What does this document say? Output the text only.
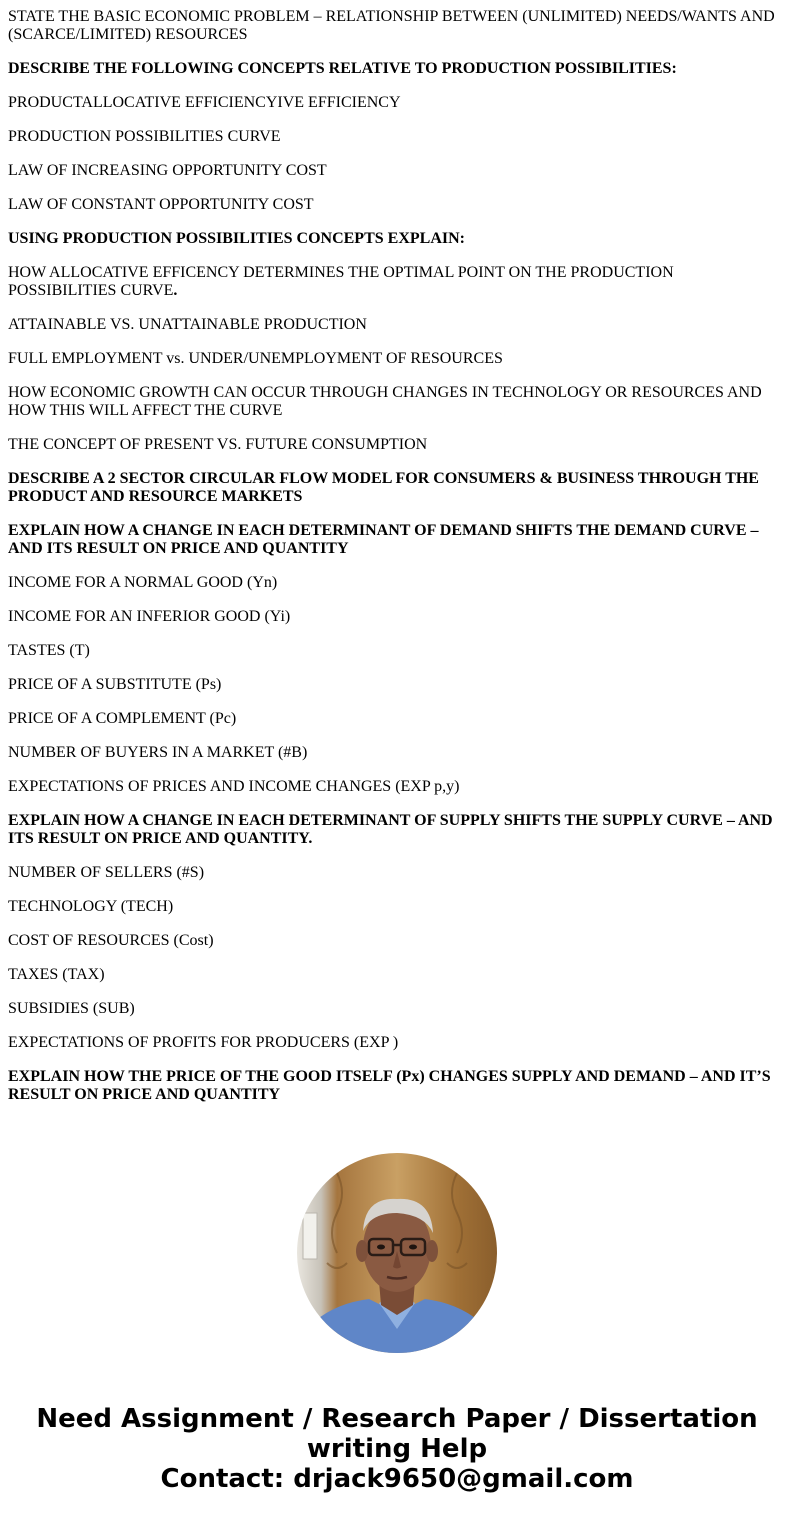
STATE THE BASIC ECONOMIC PROBLEM – RELATIONSHIP BETWEEN (UNLIMITED) NEEDS/WANTS AND (SCARCE/LIMITED) RESOURCES

DESCRIBE THE FOLLOWING CONCEPTS RELATIVE TO PRODUCTION POSSIBILITIES:

PRODUCTALLOCATIVE EFFICIENCYIVE EFFICIENCY

PRODUCTION POSSIBILITIES CURVE

LAW OF INCREASING OPPORTUNITY COST

LAW OF CONSTANT OPPORTUNITY COST

USING PRODUCTION POSSIBILITIES CONCEPTS EXPLAIN:

HOW ALLOCATIVE EFFICENCY DETERMINES THE OPTIMAL POINT ON THE PRODUCTION POSSIBILITIES CURVE.

ATTAINABLE VS. UNATTAINABLE PRODUCTION

FULL EMPLOYMENT vs. UNDER/UNEMPLOYMENT OF RESOURCES

HOW ECONOMIC GROWTH CAN OCCUR THROUGH CHANGES IN TECHNOLOGY OR RESOURCES AND HOW THIS WILL AFFECT THE CURVE

THE CONCEPT OF PRESENT VS. FUTURE CONSUMPTION

DESCRIBE A 2 SECTOR CIRCULAR FLOW MODEL FOR CONSUMERS & BUSINESS THROUGH THE PRODUCT AND RESOURCE MARKETS

EXPLAIN HOW A CHANGE IN EACH DETERMINANT OF DEMAND SHIFTS THE DEMAND CURVE – AND ITS RESULT ON PRICE AND QUANTITY

INCOME FOR A NORMAL GOOD (Yn)

INCOME FOR AN INFERIOR GOOD (Yi)

TASTES (T)

PRICE OF A SUBSTITUTE (Ps)

PRICE OF A COMPLEMENT (Pc)

NUMBER OF BUYERS IN A MARKET (#B)

EXPECTATIONS OF PRICES AND INCOME CHANGES (EXP p,y)

EXPLAIN HOW A CHANGE IN EACH DETERMINANT OF SUPPLY SHIFTS THE SUPPLY CURVE – AND ITS RESULT ON PRICE AND QUANTITY.

NUMBER OF SELLERS (#S)

TECHNOLOGY (TECH)

COST OF RESOURCES (Cost)

TAXES (TAX)

SUBSIDIES (SUB)

EXPECTATIONS OF PROFITS FOR PRODUCERS (EXP )

EXPLAIN HOW THE PRICE OF THE GOOD ITSELF (Px) CHANGES SUPPLY AND DEMAND – AND IT’S RESULT ON PRICE AND QUANTITY

Need Assignment / Research Paper / Dissertation writing Help
Contact: drjack9650@gmail.com
